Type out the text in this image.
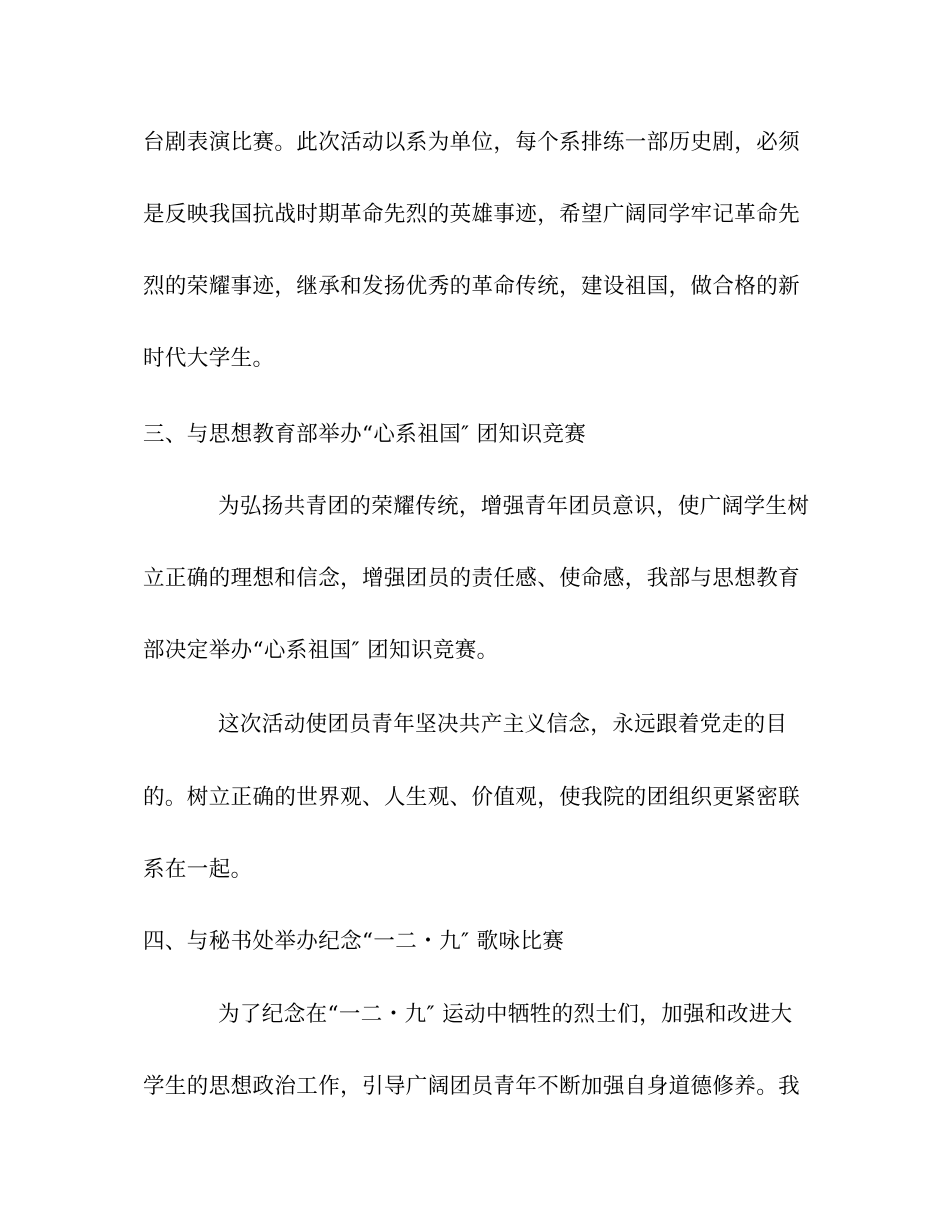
台剧表演比赛。此次活动以系为单位，每个系排练一部历史剧，必须
是反映我国抗战时期革命先烈的英雄事迹，希望广阔同学牢记革命先
烈的荣耀事迹，继承和发扬优秀的革命传统，建设祖国，做合格的新
时代大学生。
三、与思想教育部举办“心系祖国″ 团知识竞赛
为弘扬共青团的荣耀传统，增强青年团员意识，使广阔学生树
立正确的理想和信念，增强团员的责任感、使命感，我部与思想教育
部决定举办“心系祖国″ 团知识竞赛。
这次活动使团员青年坚决共产主义信念，永远跟着党走的目
的。树立正确的世界观、人生观、价值观，使我院的团组织更紧密联
系在一起。
四、与秘书处举办纪念“一二・九″ 歌咏比赛
为了纪念在“一二・九″ 运动中牺牲的烈士们，加强和改进大
学生的思想政治工作，引导广阔团员青年不断加强自身道德修养。我
